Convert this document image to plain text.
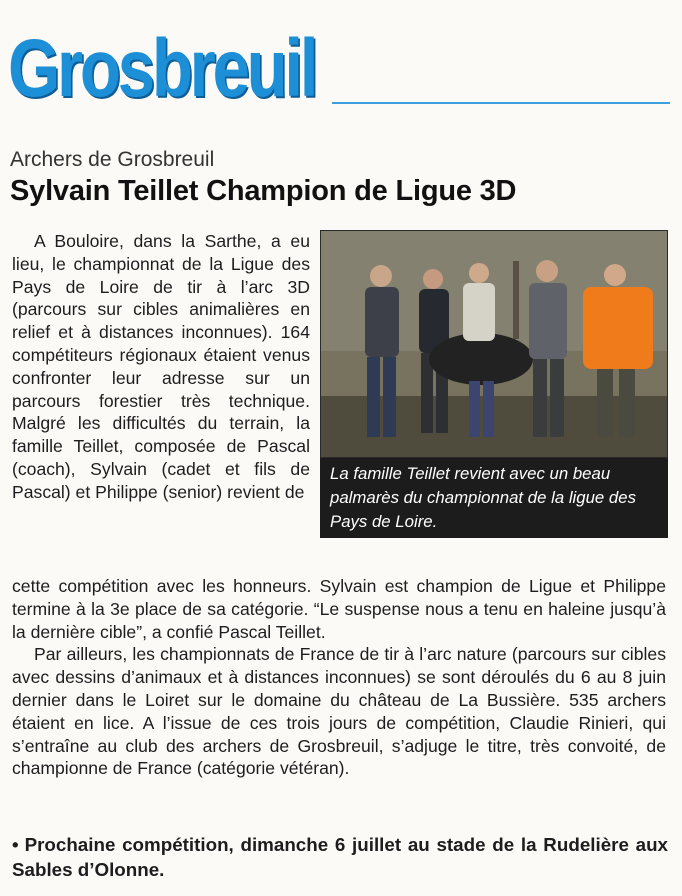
Grosbreuil
Archers de Grosbreuil
Sylvain Teillet Champion de Ligue 3D

A Bouloire, dans la Sarthe, a eu lieu, le championnat de la Ligue des Pays de Loire de tir à l’arc 3D (parcours sur cibles animalières en relief et à distances inconnues). 164 compétiteurs régionaux étaient venus confronter leur adresse sur un parcours forestier très technique. Malgré les difficultés du terrain, la famille Teillet, composée de Pascal (coach), Sylvain (cadet et fils de Pascal) et Philippe (senior) revient de

La famille Teillet revient avec un beau palmarès du championnat de la ligue des Pays de Loire.
cette compétition avec les honneurs. Sylvain est champion de Ligue et Philippe termine à la 3e place de sa catégorie. “Le suspense nous a tenu en haleine jusqu’à la dernière cible”, a confié Pascal Teillet.

Par ailleurs, les championnats de France de tir à l’arc nature (parcours sur cibles avec dessins d’animaux et à distances inconnues) se sont déroulés du 6 au 8 juin dernier dans le Loiret sur le domaine du château de La Bussière. 535 archers étaient en lice. A l’issue de ces trois jours de compétition, Claudie Rinieri, qui s’entraîne au club des archers de Grosbreuil, s’adjuge le titre, très convoité, de championne de France (catégorie vétéran).

• Prochaine compétition, dimanche 6 juillet au stade de la Rudelière aux Sables d’Olonne.
